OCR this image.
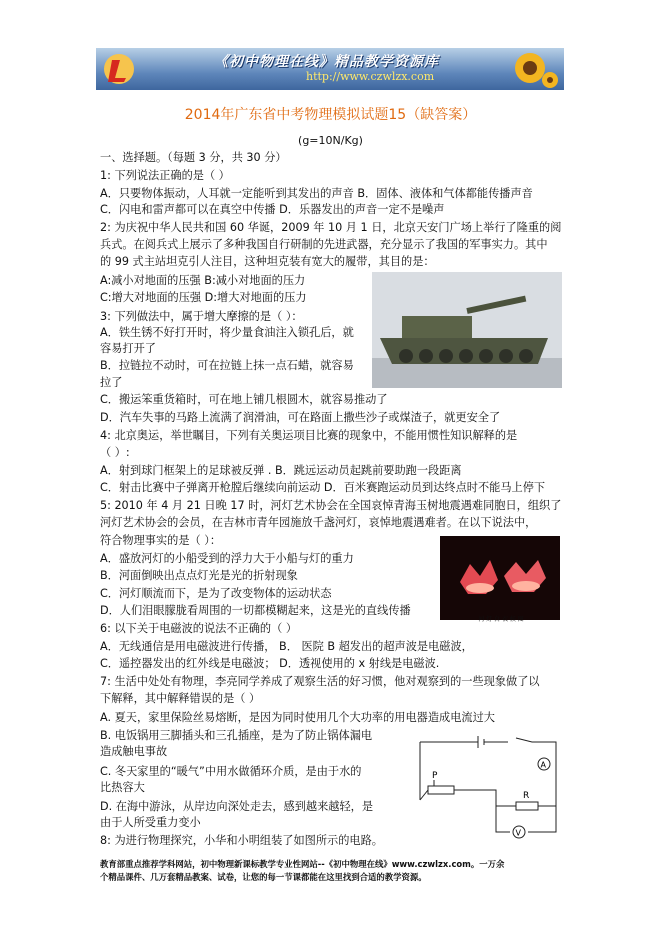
《初中物理在线》精品教学资源库
http://www.czwlzx.com
2014年广东省中考物理模拟试题15（缺答案）
(g=10N/Kg)
一、选择题。（每题 3 分，共 30 分）
1: 下列说法正确的是（ ）
A．只要物体振动，人耳就一定能听到其发出的声音 B．固体、液体和气体都能传播声音
C．闪电和雷声都可以在真空中传播 D．乐器发出的声音一定不是噪声
2: 为庆祝中华人民共和国 60 华诞，2009 年 10 月 1 日，北京天安门广场上举行了隆重的阅
兵式。在阅兵式上展示了多种我国自行研制的先进武器，充分显示了我国的军事实力。其中
的 99 式主站坦克引人注目，这种坦克装有宽大的履带，其目的是：
A:减小对地面的压强 B:减小对地面的压力
C:增大对地面的压强 D:增大对地面的压力
3: 下列做法中，属于增大摩擦的是（ ）：
A．铁生锈不好打开时，将少量食油注入锁孔后，就
容易打开了
B．拉链拉不动时，可在拉链上抹一点石蜡，就容易
拉了
C．搬运笨重货箱时，可在地上铺几根圆木，就容易推动了
D．汽车失事的马路上流满了润滑油，可在路面上撒些沙子或煤渣子，就更安全了
4: 北京奥运，举世瞩目，下列有关奥运项目比赛的现象中，不能用惯性知识解释的是
（ ）:
A．射到球门框架上的足球被反弹 . B．跳远运动员起跳前要助跑一段距离
C．射击比赛中子弹离开枪膛后继续向前运动 D．百米赛跑运动员到达终点时不能马上停下
5: 2010 年 4 月 21 日晚 17 时，河灯艺术协会在全国哀悼青海玉树地震遇难同胞日，组织了
河灯艺术协会的会员，在吉林市青年园施放千盏河灯，哀悼地震遇难者。在以下说法中，
符合物理事实的是（ ）：
A．盛放河灯的小船受到的浮力大于小船与灯的重力
B．河面倒映出点点灯光是光的折射现象
C．河灯顺流而下，是为了改变物体的运动状态
D．人们泪眼朦胧看周围的一切都模糊起来，这是光的直线传播
6: 以下关于电磁波的说法不正确的（ ）
A．无线通信是用电磁波进行传播， B． 医院 B 超发出的超声波是电磁波，
C．遥控器发出的红外线是电磁波； D．透视使用的 x 射线是电磁波.
7: 生活中处处有物理，李亮同学养成了观察生活的好习惯，他对观察到的一些现象做了以
下解释，其中解释错误的是（ ）
A. 夏天，家里保险丝易熔断，是因为同时使用几个大功率的用电器造成电流过大
B. 电饭锅用三脚插头和三孔插座，是为了防止锅体漏电
造成触电事故
C. 冬天家里的“暖气”中用水做循环介质，是由于水的
比热容大
D. 在海中游泳，从岸边向深处走去，感到越来越轻，是
由于人所受重力变小
8: 为进行物理探究，小华和小明组装了如图所示的电路。
河 灯 白 衣 候 图
P
R
A
V
教育部重点推荐学科网站，初中物理新课标教学专业性网站--《初中物理在线》www.czwlzx.com。一万余
个精品课件、几万套精品教案、试卷，让您的每一节课都能在这里找到合适的教学资源。
